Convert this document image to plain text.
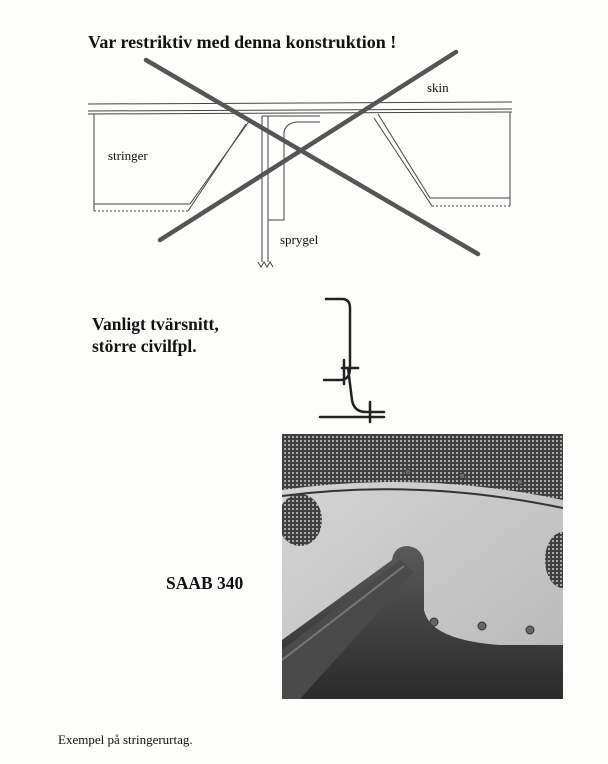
Var restriktiv med denna konstruktion !
skin
stringer
sprygel
Vanligt tvärsnitt,
större civilfpl.
SAAB 340
Exempel på stringerurtag.
